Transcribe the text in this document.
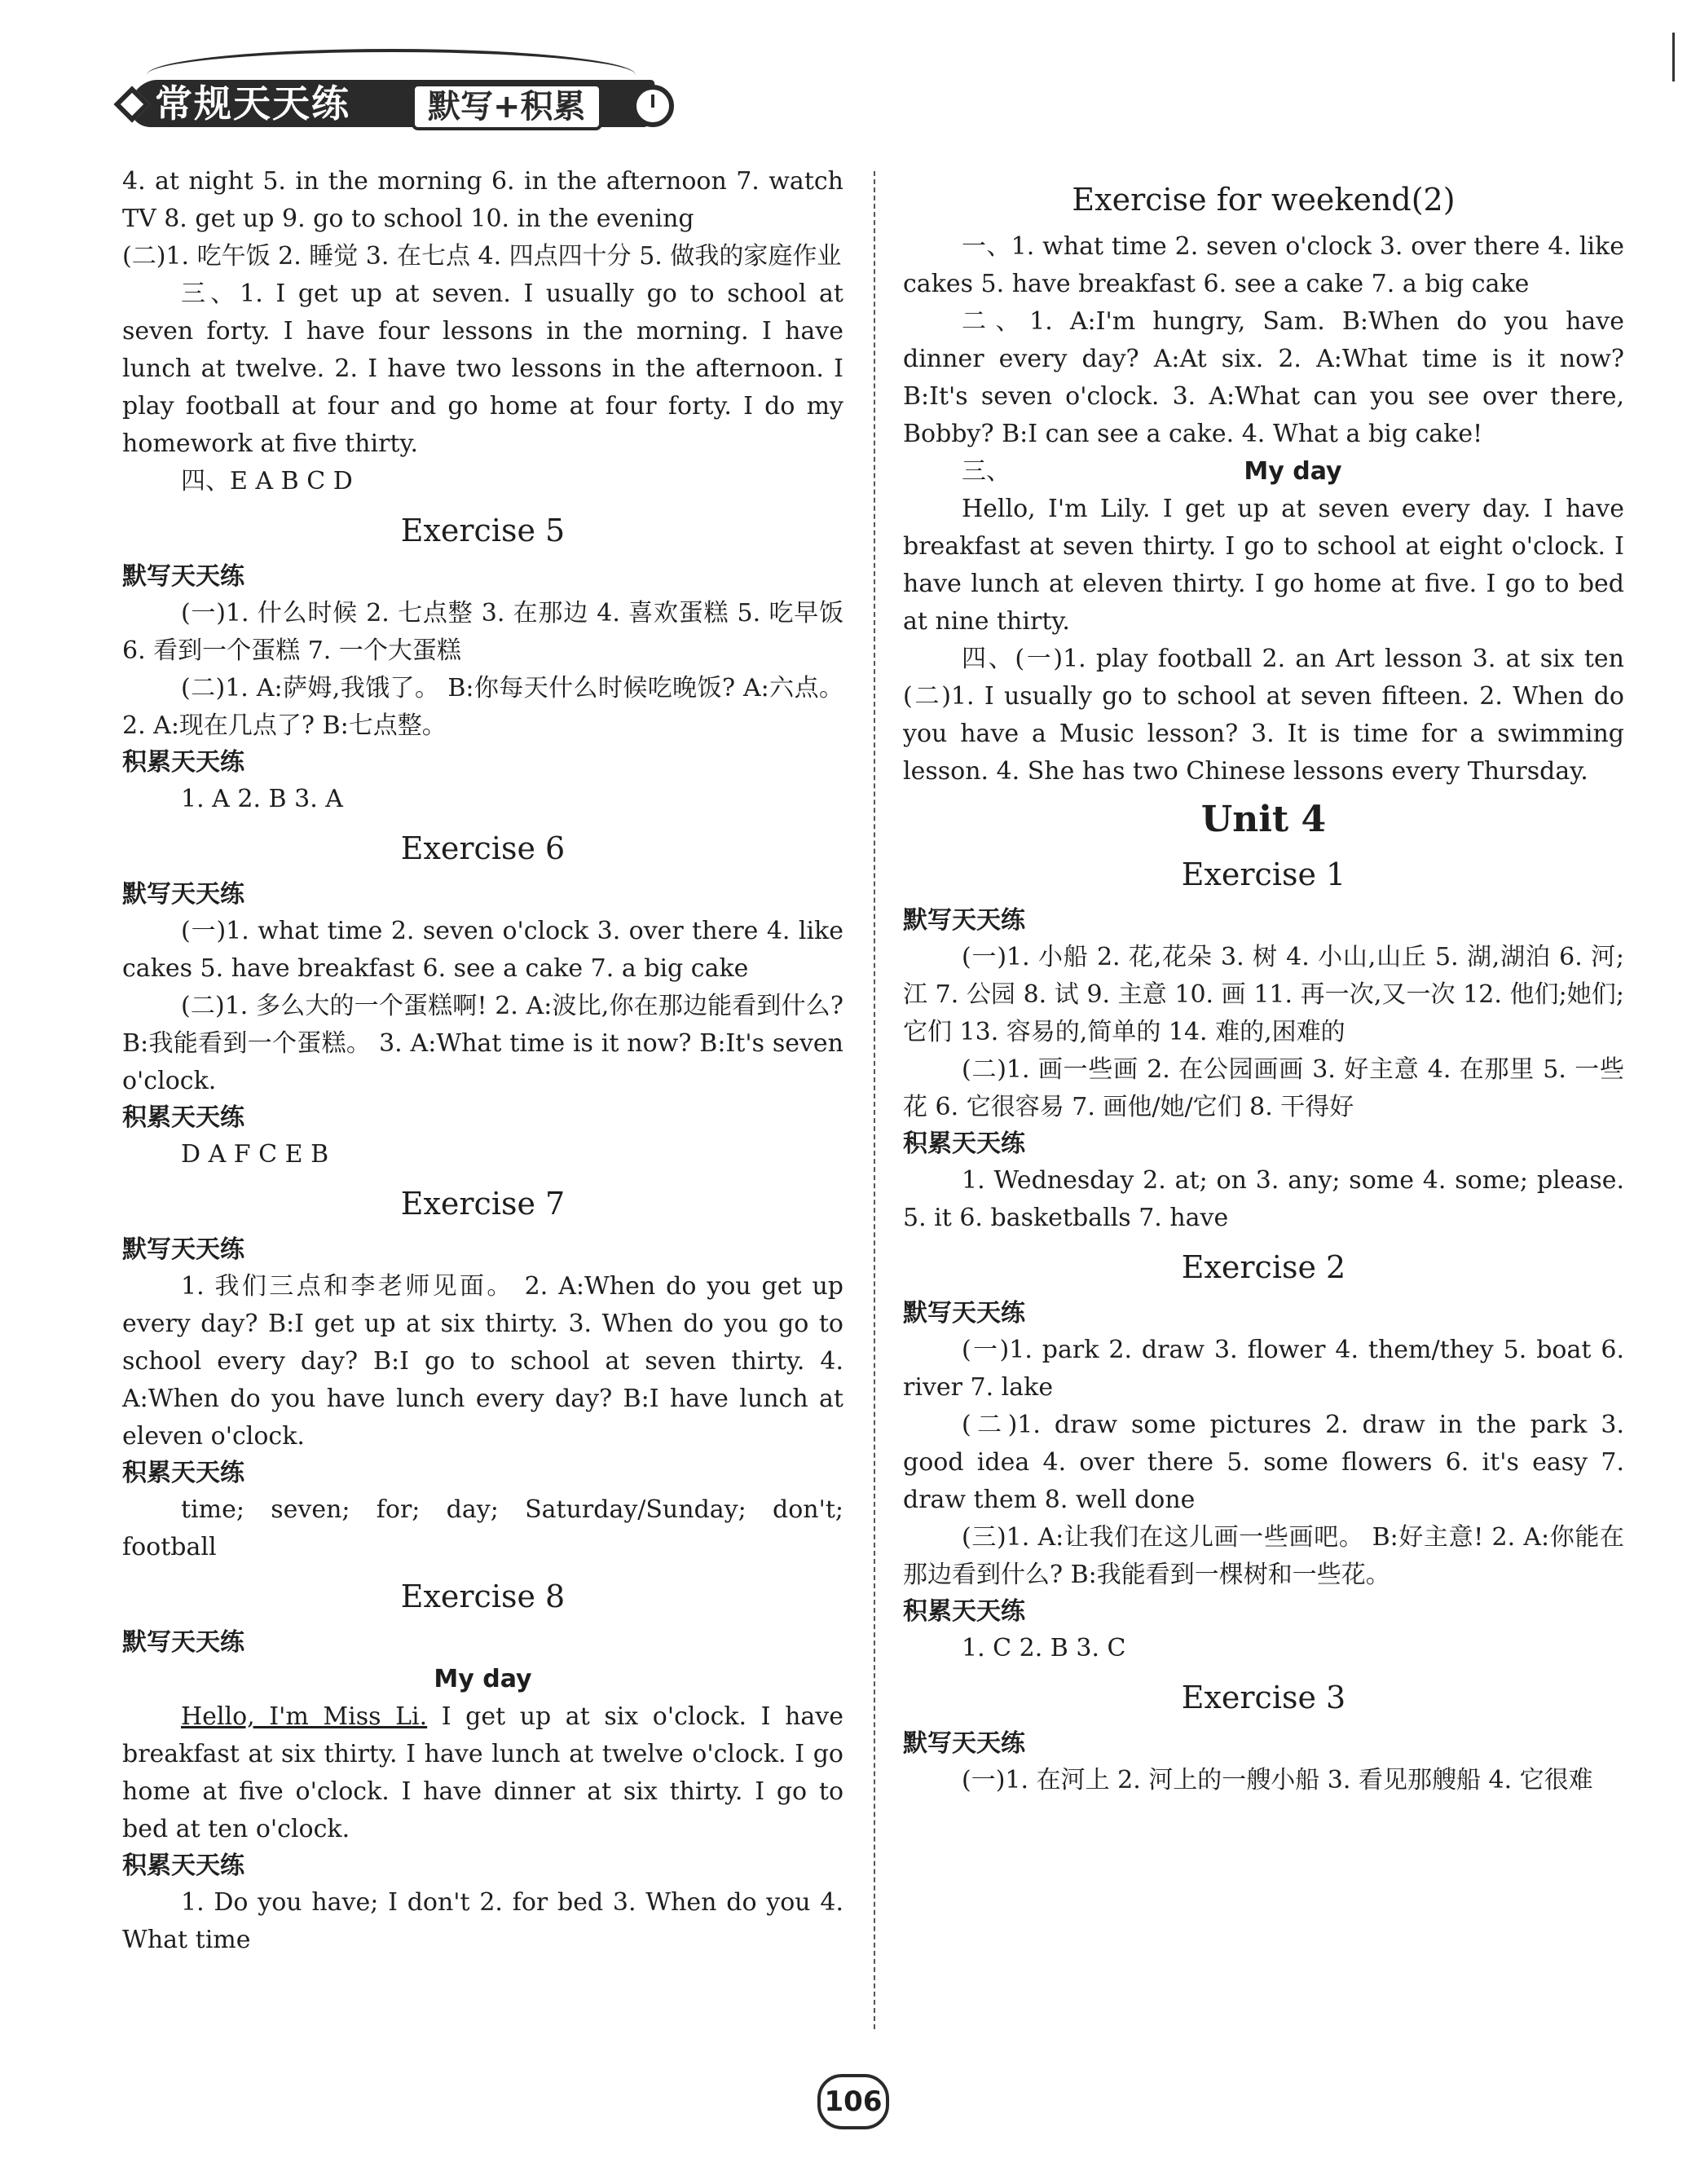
常规天天练	默写+积累

4. at night 5. in the morning 6. in the afternoon 7. watch TV 8. get up 9. go to school 10. in the evening

(二)1. 吃午饭 2. 睡觉 3. 在七点 4. 四点四十分 5. 做我的家庭作业

三、1. I get up at seven. I usually go to school at seven forty. I have four lessons in the morning. I have lunch at twelve. 2. I have two lessons in the afternoon. I play football at four and go home at four forty. I do my homework at five thirty.

四、E A B C D

Exercise 5

默写天天练

(一)1. 什么时候 2. 七点整 3. 在那边 4. 喜欢蛋糕 5. 吃早饭 6. 看到一个蛋糕 7. 一个大蛋糕

(二)1. A:萨姆,我饿了。 B:你每天什么时候吃晚饭? A:六点。 2. A:现在几点了? B:七点整。

积累天天练

1. A 2. B 3. A

Exercise 6

默写天天练

(一)1. what time 2. seven o'clock 3. over there 4. like cakes 5. have breakfast 6. see a cake 7. a big cake

(二)1. 多么大的一个蛋糕啊! 2. A:波比,你在那边能看到什么? B:我能看到一个蛋糕。 3. A:What time is it now? B:It's seven o'clock.

积累天天练

D A F C E B

Exercise 7

默写天天练

1. 我们三点和李老师见面。 2. A:When do you get up every day? B:I get up at six thirty. 3. When do you go to school every day? B:I go to school at seven thirty. 4. A:When do you have lunch every day? B:I have lunch at eleven o'clock.

积累天天练

time; seven; for; day; Saturday/Sunday; don't; football

Exercise 8

默写天天练

My day

Hello, I'm Miss Li. I get up at six o'clock. I have breakfast at six thirty. I have lunch at twelve o'clock. I go home at five o'clock. I have dinner at six thirty. I go to bed at ten o'clock.

积累天天练

1. Do you have; I don't 2. for bed 3. When do you 4. What time

Exercise for weekend(2)

一、1. what time 2. seven o'clock 3. over there 4. like cakes 5. have breakfast 6. see a cake 7. a big cake

二、1. A:I'm hungry, Sam. B:When do you have dinner every day? A:At six. 2. A:What time is it now? B:It's seven o'clock. 3. A:What can you see over there, Bobby? B:I can see a cake. 4. What a big cake!

三、	My day

Hello, I'm Lily. I get up at seven every day. I have breakfast at seven thirty. I go to school at eight o'clock. I have lunch at eleven thirty. I go home at five. I go to bed at nine thirty.

四、(一)1. play football 2. an Art lesson 3. at six ten (二)1. I usually go to school at seven fifteen. 2. When do you have a Music lesson? 3. It is time for a swimming lesson. 4. She has two Chinese lessons every Thursday.

Unit 4
Exercise 1

默写天天练

(一)1. 小船 2. 花,花朵 3. 树 4. 小山,山丘 5. 湖,湖泊 6. 河;江 7. 公园 8. 试 9. 主意 10. 画 11. 再一次,又一次 12. 他们;她们;它们 13. 容易的,简单的 14. 难的,困难的

(二)1. 画一些画 2. 在公园画画 3. 好主意 4. 在那里 5. 一些花 6. 它很容易 7. 画他/她/它们 8. 干得好

积累天天练

1. Wednesday 2. at; on 3. any; some 4. some; please. 5. it 6. basketballs 7. have

Exercise 2

默写天天练

(一)1. park 2. draw 3. flower 4. them/they 5. boat 6. river 7. lake

(二)1. draw some pictures 2. draw in the park 3. good idea 4. over there 5. some flowers 6. it's easy 7. draw them 8. well done

(三)1. A:让我们在这儿画一些画吧。 B:好主意! 2. A:你能在那边看到什么? B:我能看到一棵树和一些花。

积累天天练

1. C 2. B 3. C

Exercise 3

默写天天练

(一)1. 在河上 2. 河上的一艘小船 3. 看见那艘船 4. 它很难

106
